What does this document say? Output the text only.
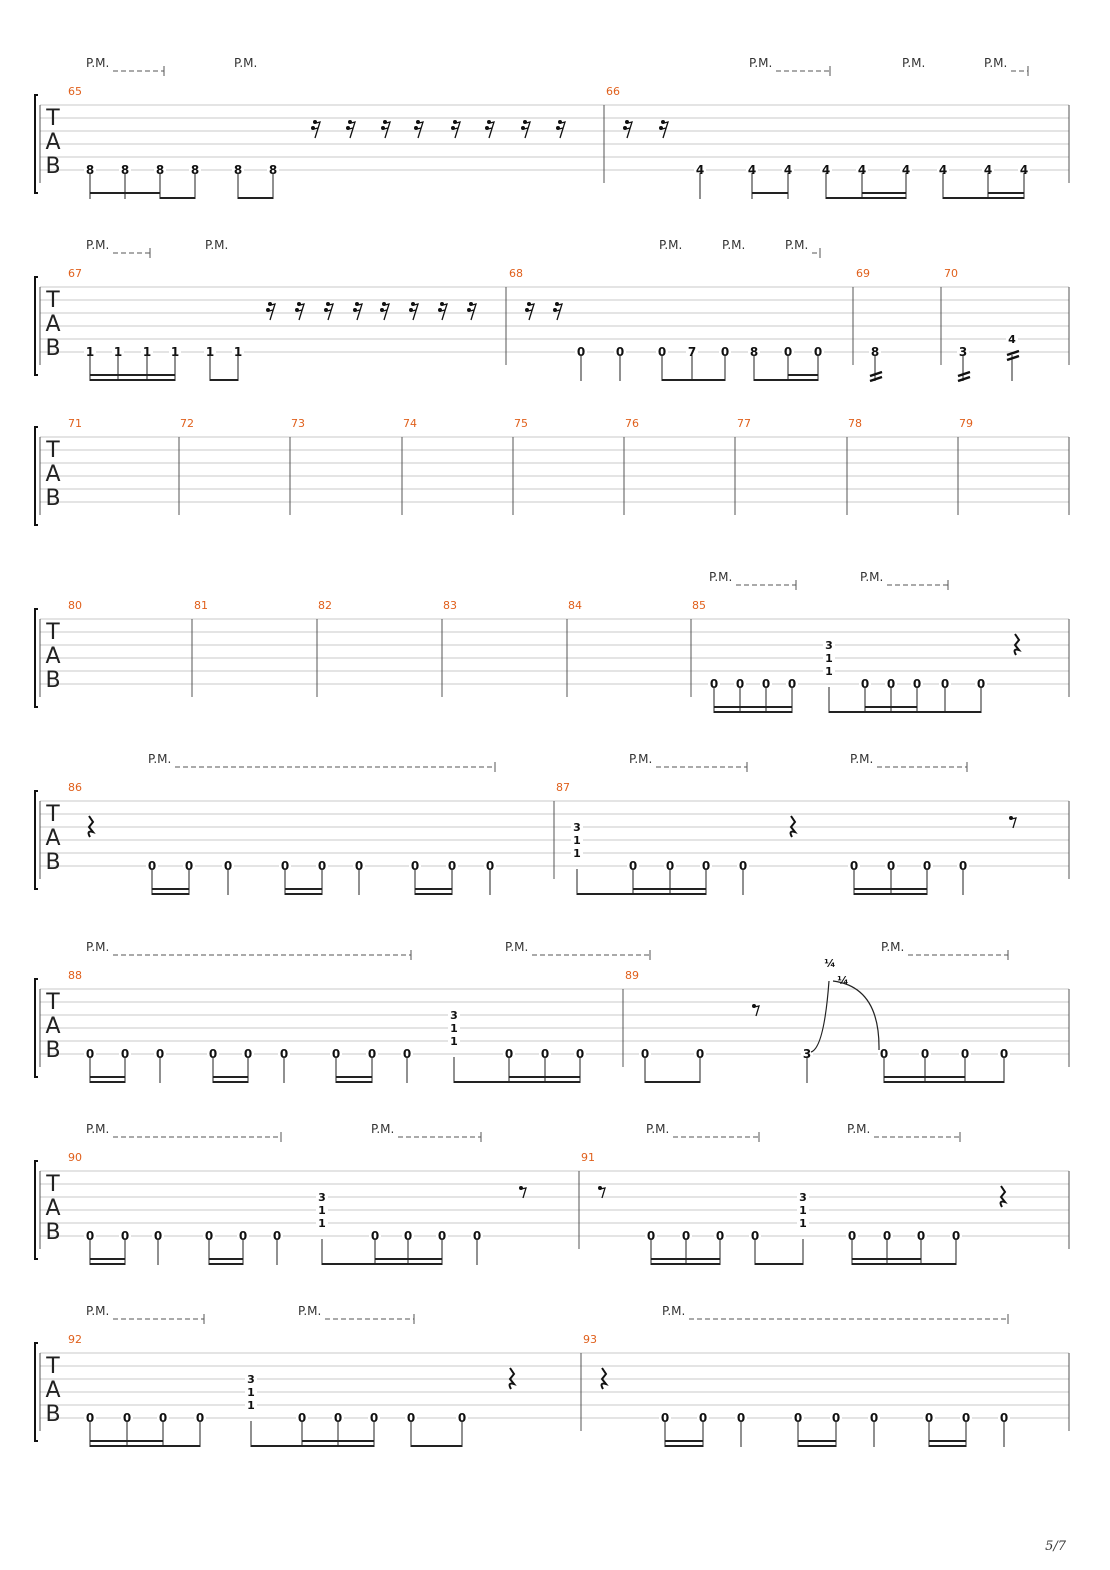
T
A
B
65	66
P.M.	P.M.	P.M.	P.M.	P.M.
8 8 8 8	8 8	4	4 4 4 4	4 4	4 4
T
A
B
67	68	69	70
P.M.	P.M.	P.M.	P.M.	P.M.
1 1 1 1 1 1	0	0	0 7 0 8 0 0	8	3
4
T
A
B
71	72	73	74	75	76	77	78	79
T
A
B
80	81	82	83	84	85
P.M.	P.M.
0 0 0 0
3
1
1
0 0 0 0 0
T
A
B
86	87
P.M.	P.M.	P.M.
0 0	0	0 0 0	0 0 0
3
1
1
0 0 0 0	0 0 0 0
T
A
B
88	89
P.M.	P.M.	P.M.
0 0 0	0 0 0	0 0 0
3
1
1
0 0 0	0	0	3	0	0	0	0
T
A
B
90	91
P.M.	P.M.	P.M.	P.M.
0 0 0	0 0 0
3
1
1
0 0 0 0	0 0 0 0
3
1
1
0 0 0 0
T
A
B
92	93
P.M.	P.M.	P.M.
0 0 0 0
3
1
1
0 0 0 0	0	0 0 0	0 0 0	0 0 0
¼
¼
5/7
